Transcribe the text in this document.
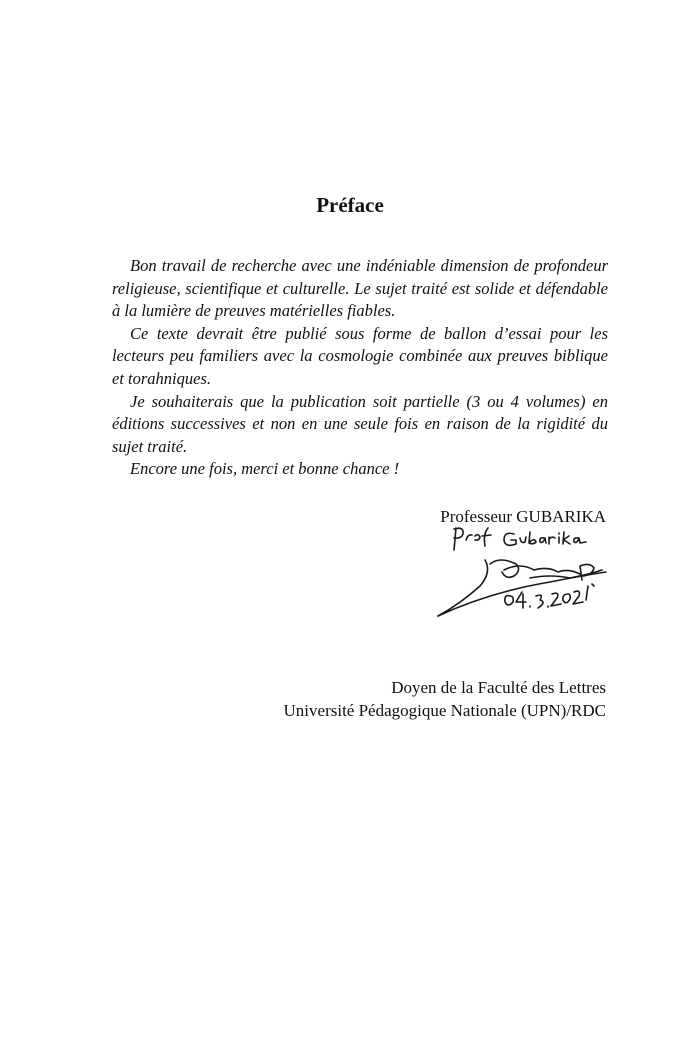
Préface

Bon travail de recherche avec une indéniable dimension de profondeur religieuse, scientifique et culturelle. Le sujet traité est solide et défendable à la lumière de preuves matérielles fiables.

Ce texte devrait être publié sous forme de ballon d’essai pour les lecteurs peu familiers avec la cosmologie combinée aux preuves biblique et torahniques.

Je souhaiterais que la publication soit partielle (3 ou 4 volumes) en éditions successives et non en une seule fois en raison de la rigidité du sujet traité.

Encore une fois, merci et bonne chance !

Professeur GUBARIKA
Doyen de la Faculté des Lettres
Université Pédagogique Nationale (UPN)/RDC
